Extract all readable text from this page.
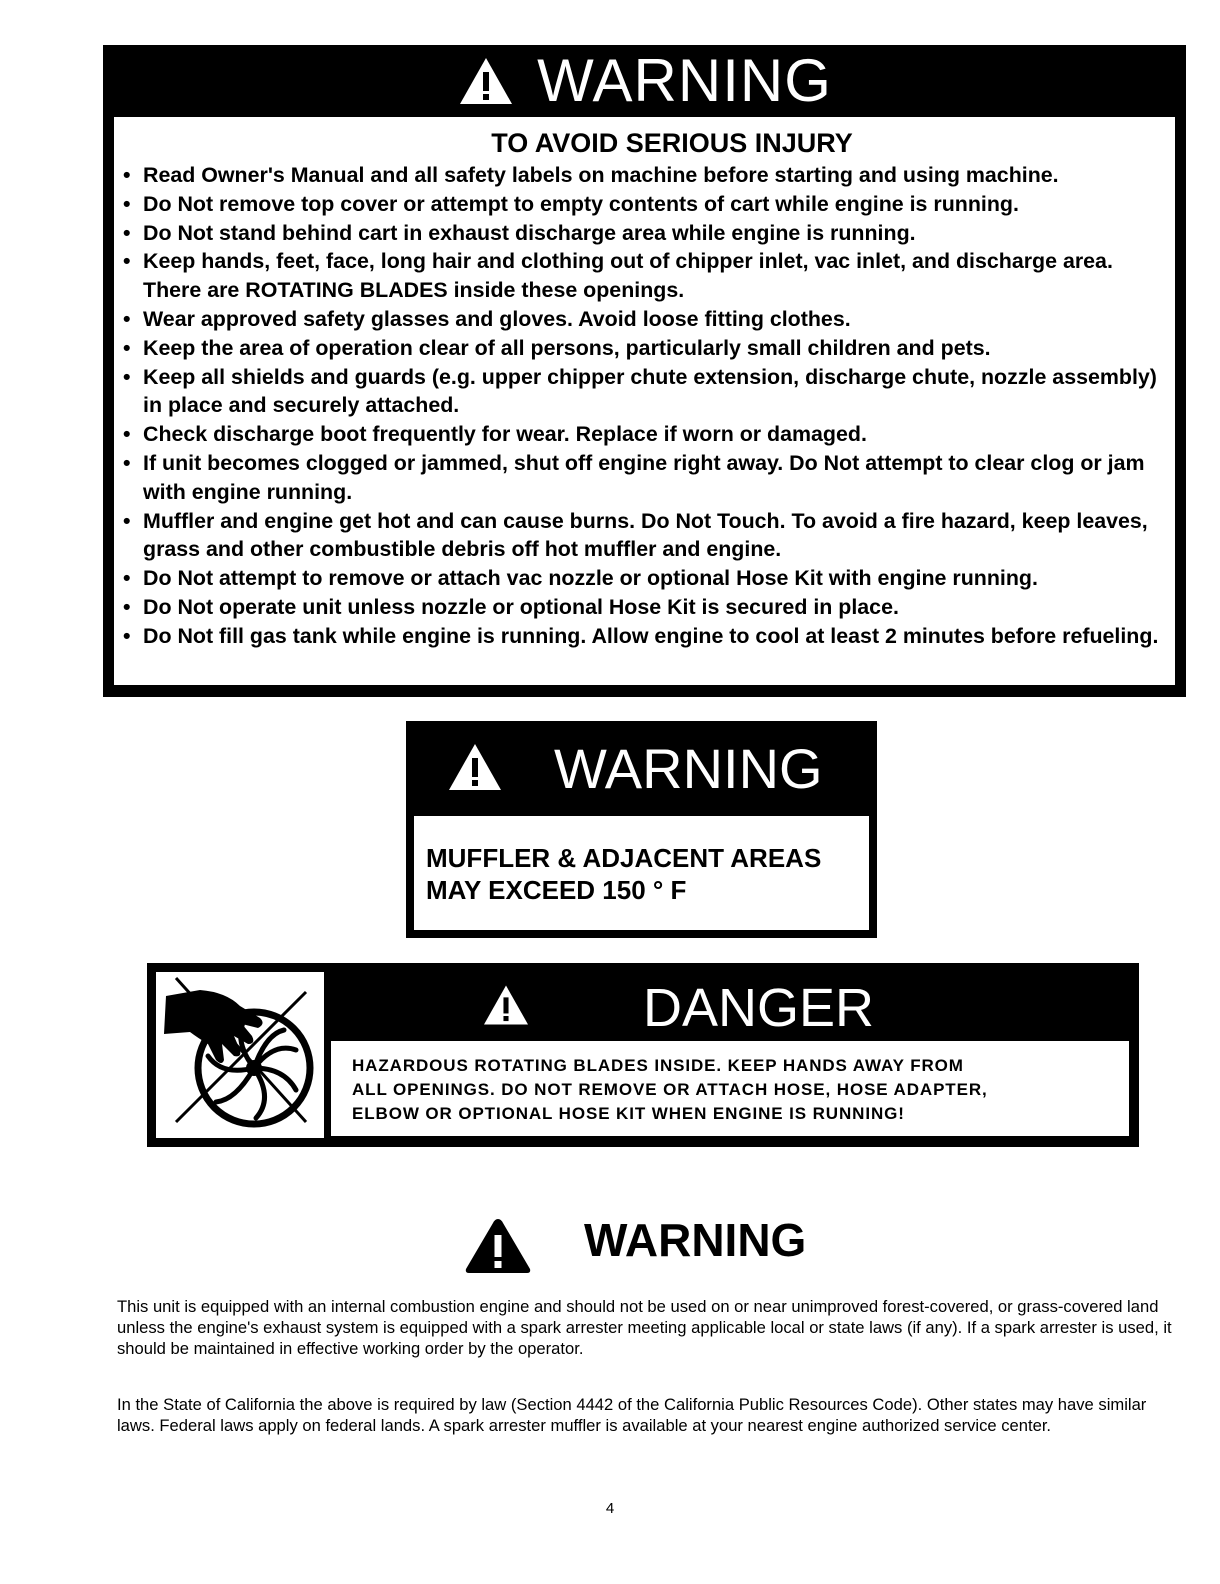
WARNING
TO AVOID SERIOUS INJURY
• Read Owner's Manual and all safety labels on machine before starting and using machine.
• Do Not remove top cover or attempt to empty contents of cart while engine is running.
• Do Not stand behind cart in exhaust discharge area while engine is running.
• Keep hands, feet, face, long hair and clothing out of chipper inlet, vac inlet, and discharge area. There are ROTATING BLADES inside these openings.
• Wear approved safety glasses and gloves. Avoid loose fitting clothes.
• Keep the area of operation clear of all persons, particularly small children and pets.
• Keep all shields and guards (e.g. upper chipper chute extension, discharge chute, nozzle assembly) in place and securely attached.
• Check discharge boot frequently for wear. Replace if worn or damaged.
• If unit becomes clogged or jammed, shut off engine right away. Do Not attempt to clear clog or jam with engine running.
• Muffler and engine get hot and can cause burns. Do Not Touch. To avoid a fire hazard, keep leaves, grass and other combustible debris off hot muffler and engine.
• Do Not attempt to remove or attach vac nozzle or optional Hose Kit with engine running.
• Do Not operate unit unless nozzle or optional Hose Kit is secured in place.
• Do Not fill gas tank while engine is running. Allow engine to cool at least 2 minutes before refueling.
WARNING
MUFFLER & ADJACENT AREAS
MAY EXCEED 150 ° F
DANGER
HAZARDOUS ROTATING BLADES INSIDE. KEEP HANDS AWAY FROM
ALL OPENINGS. DO NOT REMOVE OR ATTACH HOSE, HOSE ADAPTER,
ELBOW OR OPTIONAL HOSE KIT WHEN ENGINE IS RUNNING!
WARNING
This unit is equipped with an internal combustion engine and should not be used on or near unimproved forest-covered, or grass-covered land unless the engine's exhaust system is equipped with a spark arrester meeting applicable local or state laws (if any). If a spark arrester is used, it should be maintained in effective working order by the operator.
In the State of California the above is required by law (Section 4442 of the California Public Resources Code). Other states may have similar laws. Federal laws apply on federal lands. A spark arrester muffler is available at your nearest engine authorized service center.
4
